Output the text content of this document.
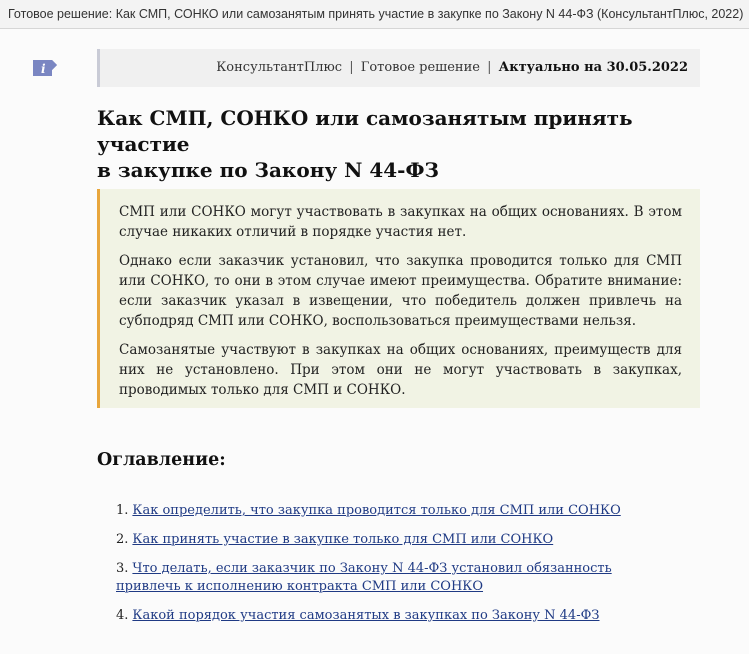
Готовое решение: Как СМП, СОНКО или самозанятым принять участие в закупке по Закону N 44-ФЗ (КонсультантПлюс, 2022)
i	КонсультантПлюс | Готовое решение | Актуально на 30.05.2022
Как СМП, СОНКО или самозанятым принять участие
в закупке по Закону N 44-ФЗ

СМП или СОНКО могут участвовать в закупках на общих основаниях. В этом случае никаких отличий в порядке участия нет.

Однако если заказчик установил, что закупка проводится только для СМП или СОНКО, то они в этом случае имеют преимущества. Обратите внимание: если заказчик указал в извещении, что победитель должен привлечь на субподряд СМП или СОНКО, воспользоваться преимуществами нельзя.

Самозанятые участвуют в закупках на общих основаниях, преимуществ для них не установлено. При этом они не могут участвовать в закупках, проводимых только для СМП и СОНКО.

Оглавление:
1. Как определить, что закупка проводится только для СМП или СОНКО
2. Как принять участие в закупке только для СМП или СОНКО
3. Что делать, если заказчик по Закону N 44-ФЗ установил обязанность привлечь к исполнению контракта СМП или СОНКО
4. Какой порядок участия самозанятых в закупках по Закону N 44-ФЗ
